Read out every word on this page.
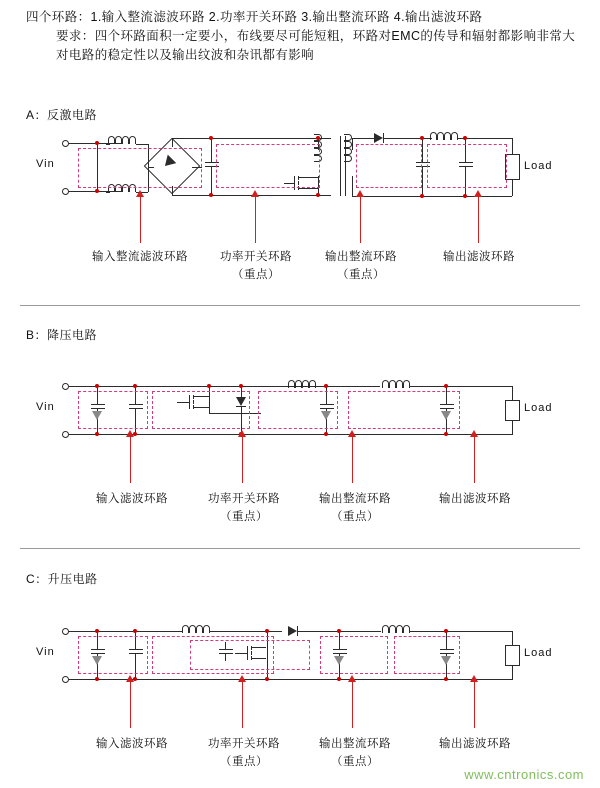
四个环路：1.输入整流滤波环路 2.功率开关环路 3.输出整流环路 4.输出滤波环路
要求：四个环路面积一定要小，布线要尽可能短粗，环路对EMC的传导和辐射都影响非常大
对电路的稳定性以及输出纹波和杂讯都有影响
A：反激电路
Vin	Load
输入整流滤波环路	功率开关环路
（重点）
输出整流环路
（重点）
输出滤波环路
B：降压电路
Vin	Load
输入滤波环路	功率开关环路
（重点）
输出整流环路
（重点）
输出滤波环路
C：升压电路
Vin	Load
输入滤波环路	功率开关环路
（重点）
输出整流环路
（重点）
输出滤波环路
www.cntronics.com
